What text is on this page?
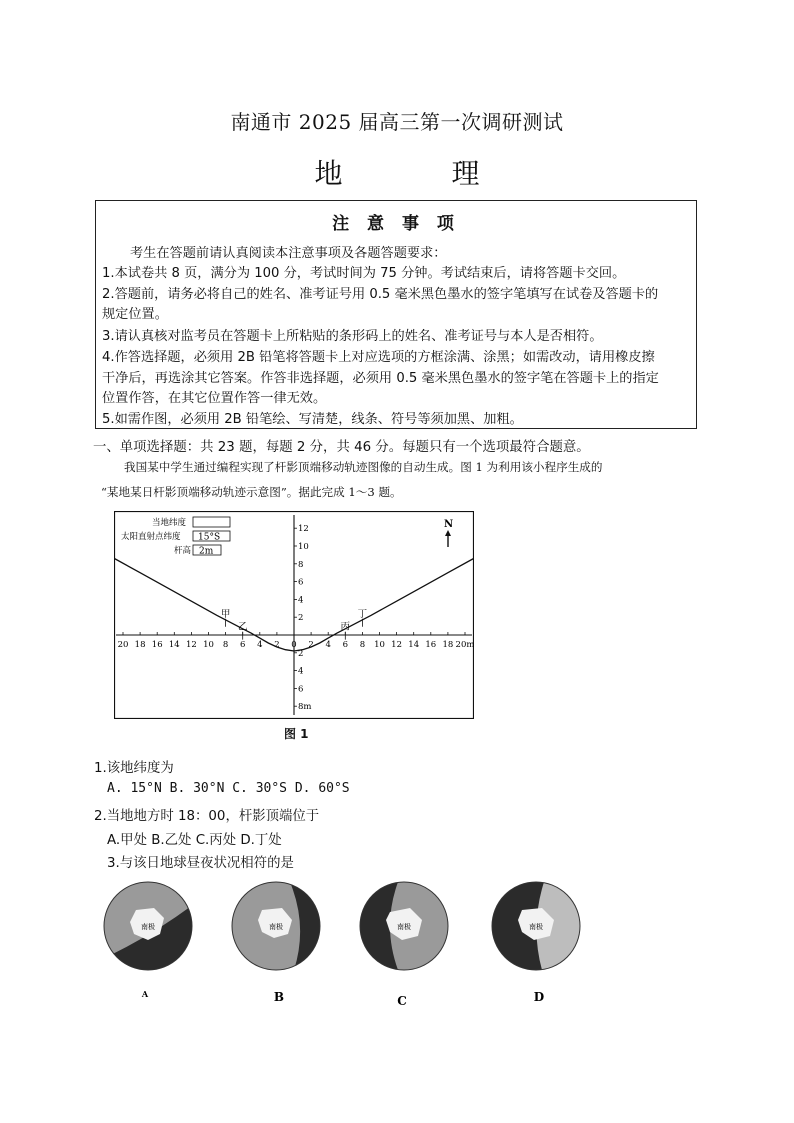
南通市 2025 届高三第一次调研测试
地 理
注 意 事 项
考生在答题前请认真阅读本注意事项及各题答题要求：
1.本试卷共 8 页，满分为 100 分，考试时间为 75 分钟。考试结束后，请将答题卡交回。
2.答题前，请务必将自己的姓名、准考证号用 0.5 毫米黑色墨水的签字笔填写在试卷及答题卡的
规定位置。
3.请认真核对监考员在答题卡上所粘贴的条形码上的姓名、准考证号与本人是否相符。
4.作答选择题，必须用 2B 铅笔将答题卡上对应选项的方框涂满、涂黑；如需改动，请用橡皮擦
干净后，再选涂其它答案。作答非选择题，必须用 0.5 毫米黑色墨水的签字笔在答题卡上的指定
位置作答，在其它位置作答一律无效。
5.如需作图，必须用 2B 铅笔绘、写清楚，线条、符号等须加黑、加粗。
一、单项选择题：共 23 题，每题 2 分，共 46 分。每题只有一个选项最符合题意。
我国某中学生通过编程实现了杆影顶端移动轨迹图像的自动生成。图 1 为利用该小程序生成的
“某地某日杆影顶端移动轨迹示意图”。据此完成 1～3 题。
20 18 16 14 12 10 8 6 4 2 0 2 4 6 8 10 12 14 16 18 20m
12
10
8
6
4
2
2
4
6
8m
甲
乙	丙
丁
当地纬度
太阳直射点纬度 15°S
杆高 2m
N
图 1
1.该地纬度为
A. 15°N B. 30°N C. 30°S D. 60°S
2.当地地方时 18：00，杆影顶端位于
A.甲处 B.乙处 C.丙处 D.丁处
3.与该日地球昼夜状况相符的是
南极	南极	南极	南极
A	B	C	D
